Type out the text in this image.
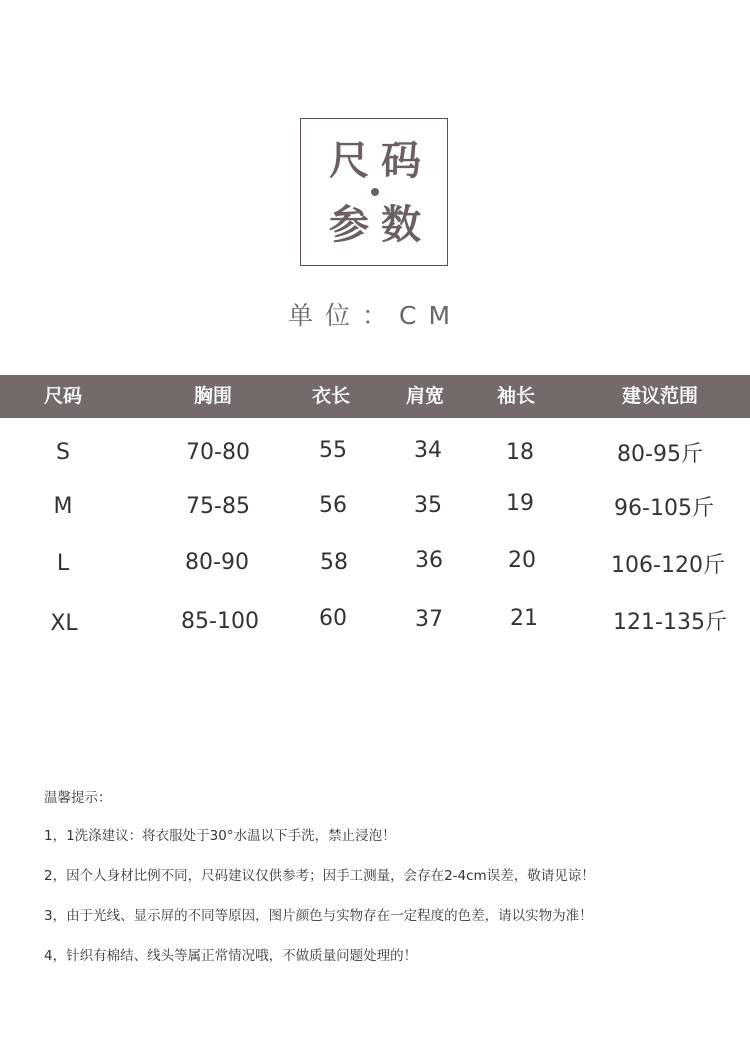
尺 码
参 数
单位：CM
尺码	胸围	衣长	肩宽	袖长	建议范围
S	70-80	55	34	18	80-95斤
M	75-85	56	35	19	96-105斤
L	80-90	58	36	20	106-120斤
XL	85-100	60	37	21	121-135斤
温馨提示：
1，1洗涤建议：将衣服处于30°水温以下手洗，禁止浸泡！
2，因个人身材比例不同，尺码建议仅供参考；因手工测量，会存在2-4cm误差，敬请见谅！
3，由于光线、显示屏的不同等原因，图片颜色与实物存在一定程度的色差，请以实物为准！
4，针织有棉结、线头等属正常情况哦，不做质量问题处理的！
